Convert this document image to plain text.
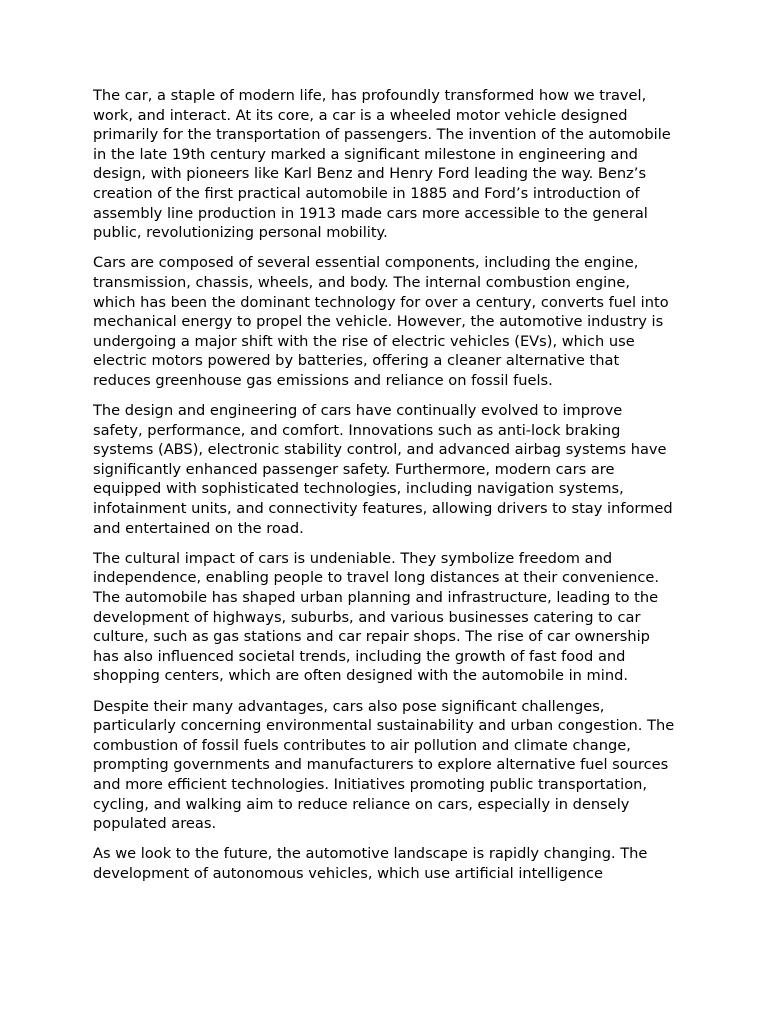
The car, a staple of modern life, has profoundly transformed how we travel, work, and interact. At its core, a car is a wheeled motor vehicle designed primarily for the transportation of passengers. The invention of the automobile in the late 19th century marked a significant milestone in engineering and design, with pioneers like Karl Benz and Henry Ford leading the way. Benz’s creation of the first practical automobile in 1885 and Ford’s introduction of assembly line production in 1913 made cars more accessible to the general public, revolutionizing personal mobility.

Cars are composed of several essential components, including the engine, transmission, chassis, wheels, and body. The internal combustion engine, which has been the dominant technology for over a century, converts fuel into mechanical energy to propel the vehicle. However, the automotive industry is undergoing a major shift with the rise of electric vehicles (EVs), which use electric motors powered by batteries, offering a cleaner alternative that reduces greenhouse gas emissions and reliance on fossil fuels.

The design and engineering of cars have continually evolved to improve safety, performance, and comfort. Innovations such as anti-lock braking systems (ABS), electronic stability control, and advanced airbag systems have significantly enhanced passenger safety. Furthermore, modern cars are equipped with sophisticated technologies, including navigation systems, infotainment units, and connectivity features, allowing drivers to stay informed and entertained on the road.

The cultural impact of cars is undeniable. They symbolize freedom and independence, enabling people to travel long distances at their convenience. The automobile has shaped urban planning and infrastructure, leading to the development of highways, suburbs, and various businesses catering to car culture, such as gas stations and car repair shops. The rise of car ownership has also influenced societal trends, including the growth of fast food and shopping centers, which are often designed with the automobile in mind.

Despite their many advantages, cars also pose significant challenges, particularly concerning environmental sustainability and urban congestion. The combustion of fossil fuels contributes to air pollution and climate change, prompting governments and manufacturers to explore alternative fuel sources and more efficient technologies. Initiatives promoting public transportation, cycling, and walking aim to reduce reliance on cars, especially in densely populated areas.

As we look to the future, the automotive landscape is rapidly changing. The development of autonomous vehicles, which use artificial intelligence
